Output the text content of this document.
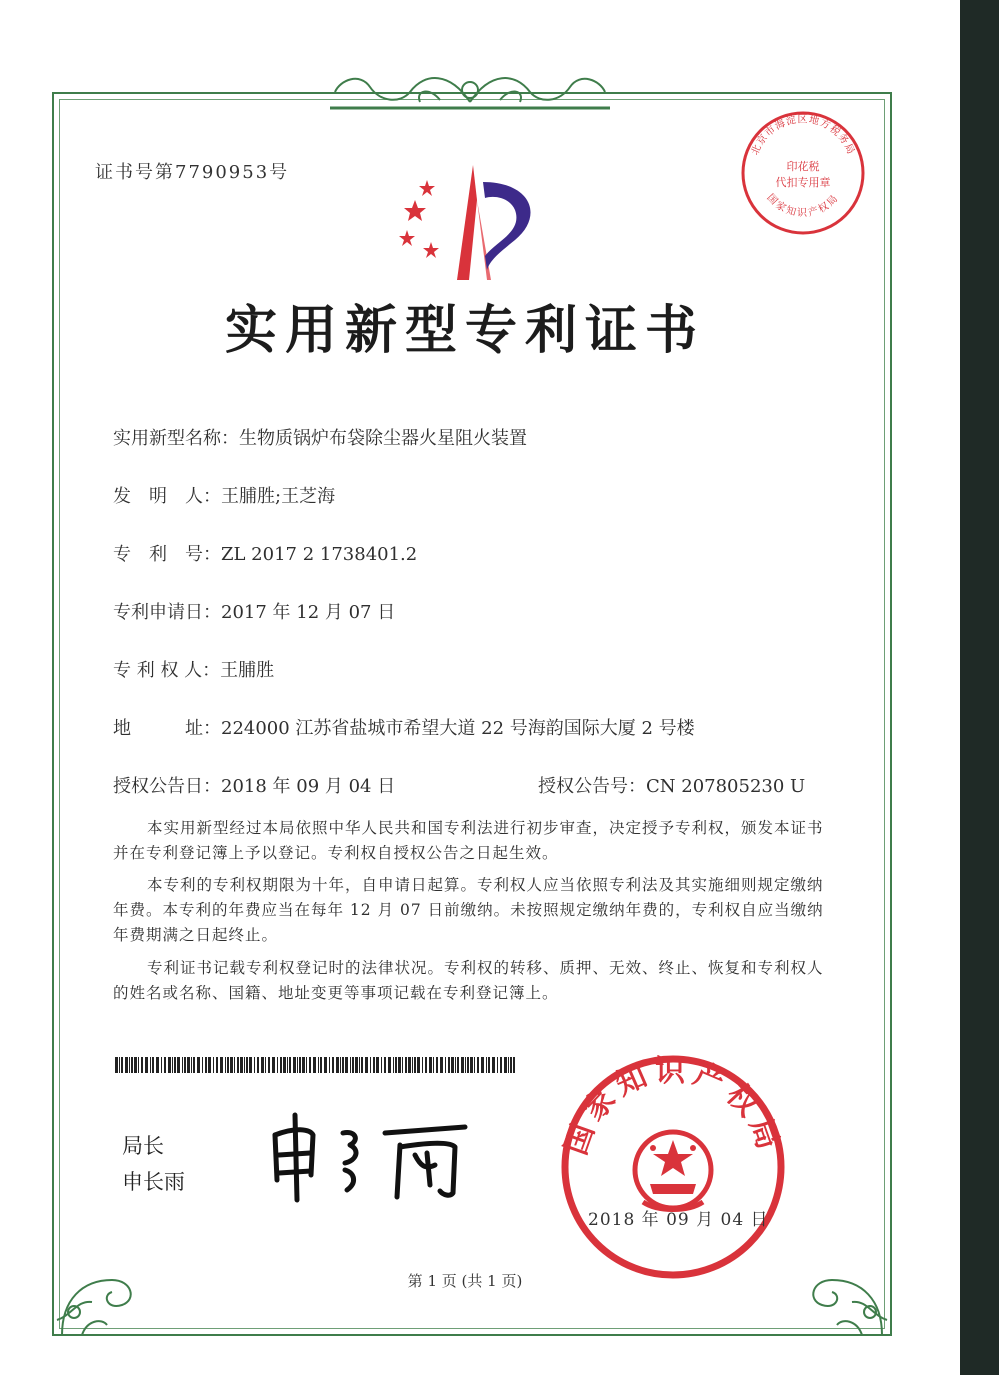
证书号第7790953号
实用新型专利证书
实用新型名称：生物质锅炉布袋除尘器火星阻火装置
发　明　人：王脯胜;王芝海
专　利　号：ZL 2017 2 1738401.2
专利申请日：2017 年 12 月 07 日
专 利 权 人：王脯胜
地　　　址：224000 江苏省盐城市希望大道 22 号海韵国际大厦 2 号楼
授权公告日：2018 年 09 月 04 日	授权公告号：CN 207805230 U
本实用新型经过本局依照中华人民共和国专利法进行初步审查，决定授予专利权，颁发本证书并在专利登记簿上予以登记。专利权自授权公告之日起生效。
本专利的专利权期限为十年，自申请日起算。专利权人应当依照专利法及其实施细则规定缴纳年费。本专利的年费应当在每年 12 月 07 日前缴纳。未按照规定缴纳年费的，专利权自应当缴纳年费期满之日起终止。
专利证书记载专利权登记时的法律状况。专利权的转移、质押、无效、终止、恢复和专利权人的姓名或名称、国籍、地址变更等事项记载在专利登记簿上。
局长
申长雨
国家知识产权局
2018 年 09 月 04 日
北京市海淀区地方税务局
国家知识产权局
印花税
代扣专用章
第 1 页 (共 1 页)
